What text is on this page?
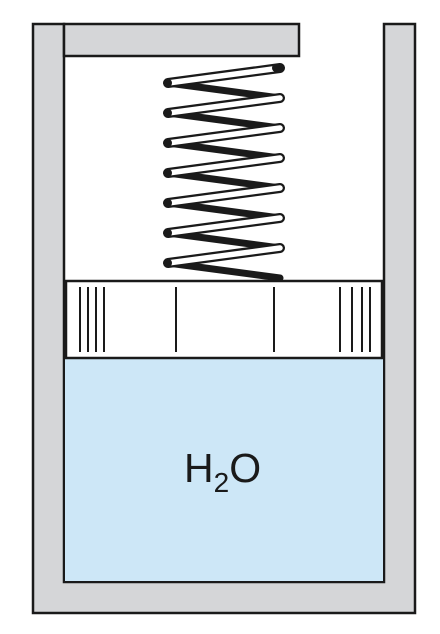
$H_2O$
